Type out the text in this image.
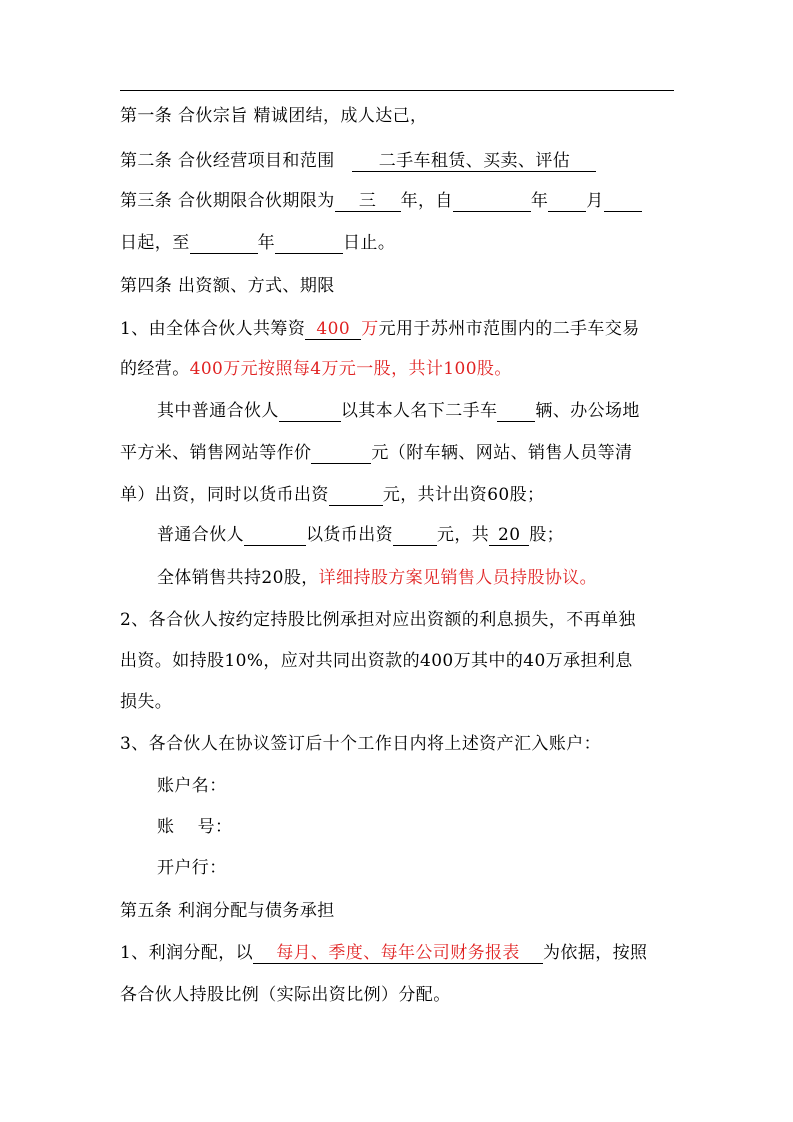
第一条 合伙宗旨 精诚团结，成人达己，
第二条 合伙经营项目和范围	二手车租赁、买卖、评估
第三条 合伙期限合伙期限为 三 年，自	年 月
日起，至	年	日止。
第四条 出资额、方式、期限
1、由全体合伙人共筹资 400 万元用于苏州市范围内的二手车交易
的经营。400万元按照每4万元一股，共计100股。
其中普通合伙人	以其本人名下二手车 辆、办公场地
平方米、销售网站等作价	元（附车辆、网站、销售人员等清
单）出资，同时以货币出资	元，共计出资60股；
普通合伙人	以货币出资	元，共 20 股；
全体销售共持20股，详细持股方案见销售人员持股协议。
2、各合伙人按约定持股比例承担对应出资额的利息损失，不再单独
出资。如持股10%，应对共同出资款的400万其中的40万承担利息
损失。
3、各合伙人在协议签订后十个工作日内将上述资产汇入账户：
账户名：
账　 号：
开户行：
第五条 利润分配与债务承担
1、利润分配，以 每月、季度、每年公司财务报表 为依据，按照
各合伙人持股比例（实际出资比例）分配。
